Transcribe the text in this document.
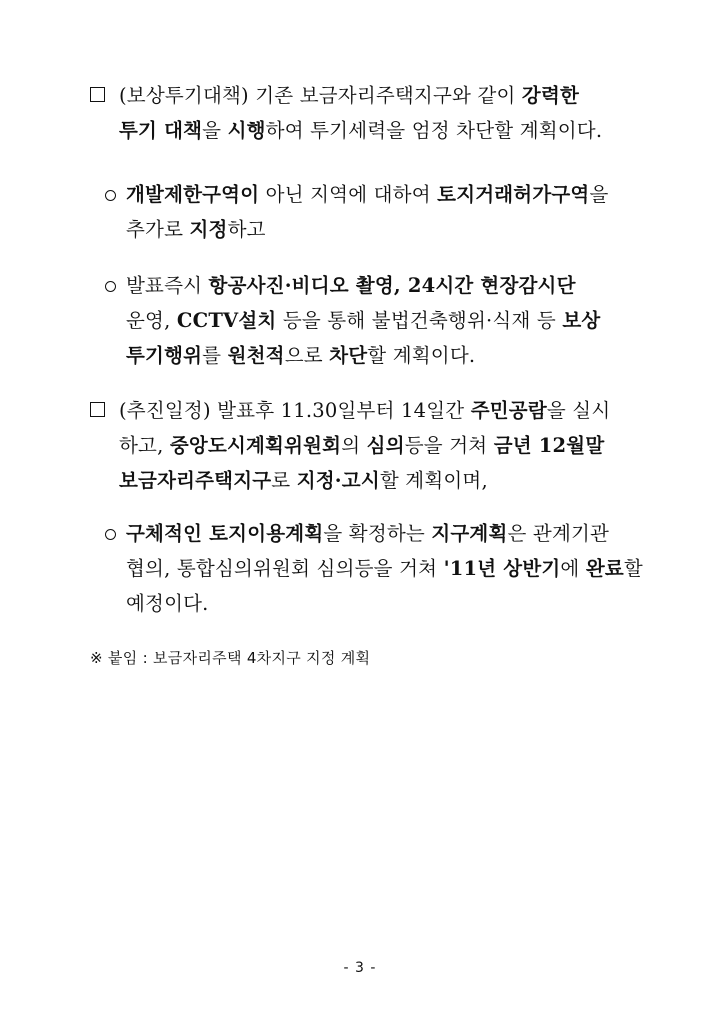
(보상투기대책) 기존 보금자리주택지구와 같이 강력한
투기 대책을 시행하여 투기세력을 엄정 차단할 계획이다.
개발제한구역이 아닌 지역에 대하여 토지거래허가구역을
추가로 지정하고
발표즉시 항공사진·비디오 촬영, 24시간 현장감시단
운영, CCTV설치 등을 통해 불법건축행위·식재 등 보상
투기행위를 원천적으로 차단할 계획이다.
(추진일정) 발표후 11.30일부터 14일간 주민공람을 실시
하고, 중앙도시계획위원회의 심의등을 거쳐 금년 12월말
보금자리주택지구로 지정·고시할 계획이며,
구체적인 토지이용계획을 확정하는 지구계획은 관계기관
협의, 통합심의위원회 심의등을 거쳐 '11년 상반기에 완료할
예정이다.
※ 붙임 : 보금자리주택 4차지구 지정 계획
- 3 -
